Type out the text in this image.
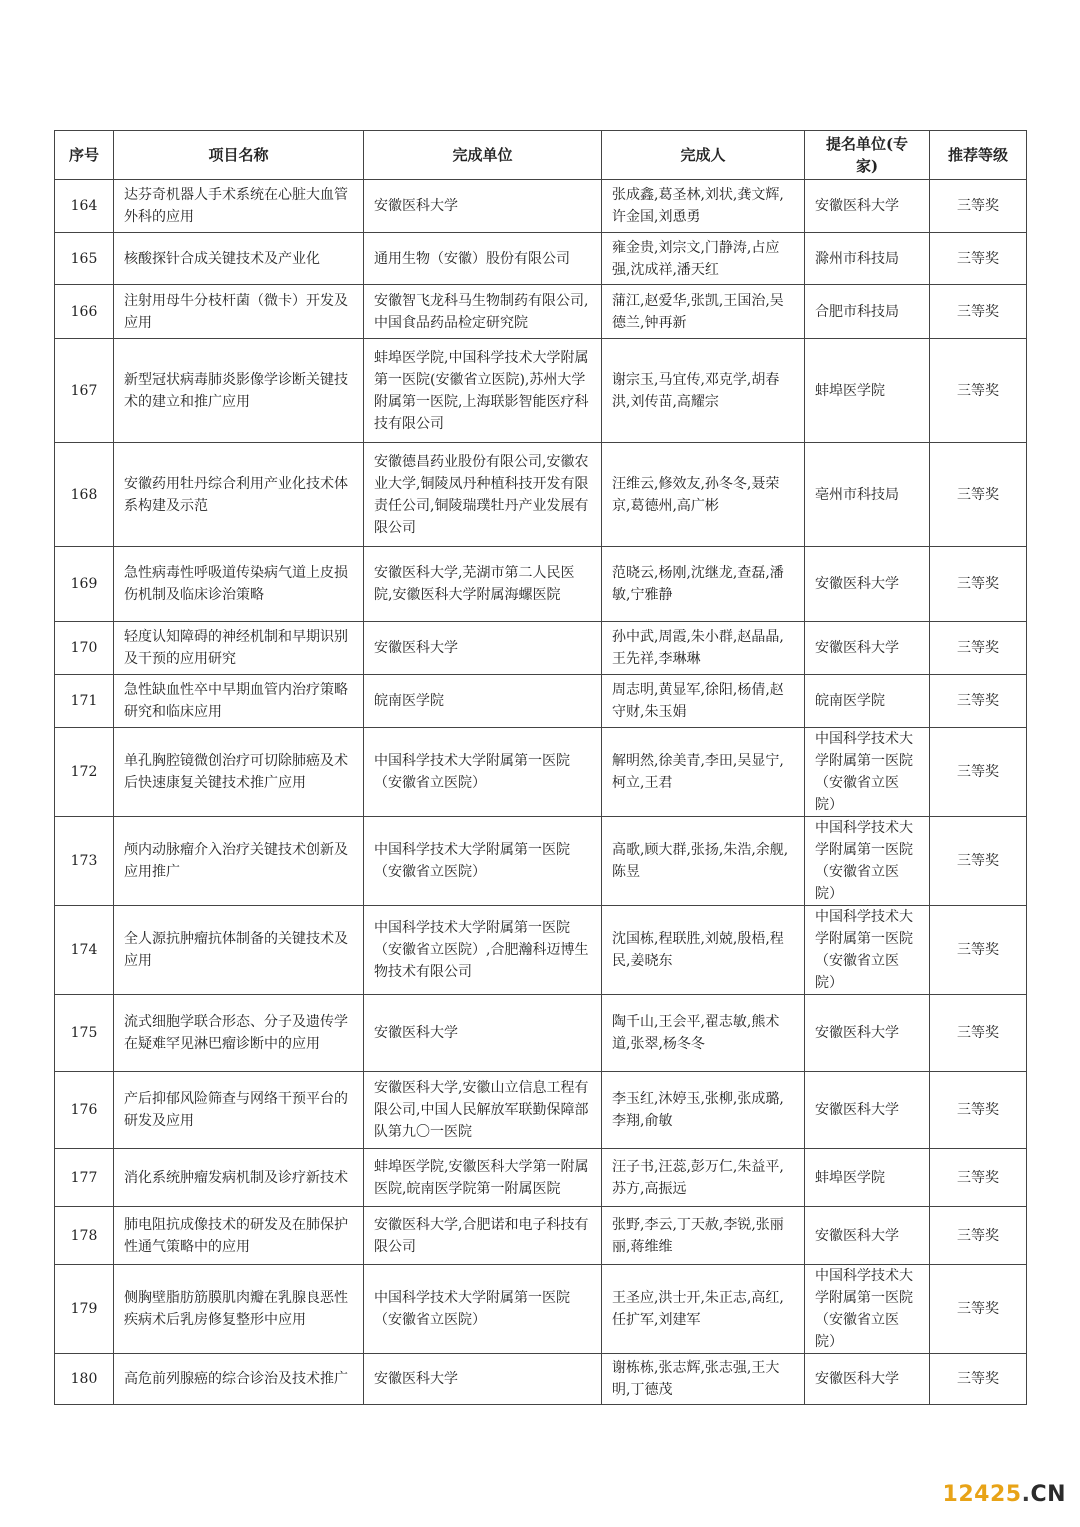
序号	项目名称	完成单位	完成人	提名单位(专家)	推荐等级
164	达芬奇机器人手术系统在心脏大血管外科的应用	安徽医科大学	张成鑫,葛圣林,刘状,龚文辉,许金国,刘恿勇	安徽医科大学	三等奖
165	核酸探针合成关键技术及产业化	通用生物（安徽）股份有限公司	雍金贵,刘宗文,门静涛,占应强,沈成祥,潘天红	滁州市科技局	三等奖
166	注射用母牛分枝杆菌（微卡）开发及应用	安徽智飞龙科马生物制药有限公司,中国食品药品检定研究院	蒲江,赵爱华,张凯,王国治,吴德兰,钟再新	合肥市科技局	三等奖
167	新型冠状病毒肺炎影像学诊断关键技术的建立和推广应用	蚌埠医学院,中国科学技术大学附属第一医院(安徽省立医院),苏州大学附属第一医院,上海联影智能医疗科技有限公司	谢宗玉,马宜传,邓克学,胡春洪,刘传苗,高耀宗	蚌埠医学院	三等奖
168	安徽药用牡丹综合利用产业化技术体系构建及示范	安徽德昌药业股份有限公司,安徽农业大学,铜陵凤丹种植科技开发有限责任公司,铜陵瑞璞牡丹产业发展有限公司	汪维云,修效友,孙冬冬,聂荣京,葛德州,高广彬	亳州市科技局	三等奖
169	急性病毒性呼吸道传染病气道上皮损伤机制及临床诊治策略	安徽医科大学,芜湖市第二人民医院,安徽医科大学附属海螺医院	范晓云,杨刚,沈继龙,查磊,潘敏,宁雅静	安徽医科大学	三等奖
170	轻度认知障碍的神经机制和早期识别及干预的应用研究	安徽医科大学	孙中武,周霞,朱小群,赵晶晶,王先祥,李琳琳	安徽医科大学	三等奖
171	急性缺血性卒中早期血管内治疗策略研究和临床应用	皖南医学院	周志明,黄显军,徐阳,杨倩,赵守财,朱玉娟	皖南医学院	三等奖
172	单孔胸腔镜微创治疗可切除肺癌及术后快速康复关键技术推广应用	中国科学技术大学附属第一医院（安徽省立医院）	解明然,徐美青,李田,吴显宁,柯立,王君	中国科学技术大学附属第一医院（安徽省立医院）	三等奖
173	颅内动脉瘤介入治疗关键技术创新及应用推广	中国科学技术大学附属第一医院（安徽省立医院）	高歌,顾大群,张扬,朱浩,余舰,陈昱	中国科学技术大学附属第一医院（安徽省立医院）	三等奖
174	全人源抗肿瘤抗体制备的关键技术及应用	中国科学技术大学附属第一医院（安徽省立医院）,合肥瀚科迈博生物技术有限公司	沈国栋,程联胜,刘兢,殷梧,程民,姜晓东	中国科学技术大学附属第一医院（安徽省立医院）	三等奖
175	流式细胞学联合形态、分子及遗传学在疑难罕见淋巴瘤诊断中的应用	安徽医科大学	陶千山,王会平,翟志敏,熊术道,张翠,杨冬冬	安徽医科大学	三等奖
176	产后抑郁风险筛查与网络干预平台的研发及应用	安徽医科大学,安徽山立信息工程有限公司,中国人民解放军联勤保障部队第九〇一医院	李玉红,沐婷玉,张柳,张成璐,李翔,俞敏	安徽医科大学	三等奖
177	消化系统肿瘤发病机制及诊疗新技术	蚌埠医学院,安徽医科大学第一附属医院,皖南医学院第一附属医院	汪子书,汪蕊,彭万仁,朱益平,苏方,高振远	蚌埠医学院	三等奖
178	肺电阻抗成像技术的研发及在肺保护性通气策略中的应用	安徽医科大学,合肥诺和电子科技有限公司	张野,李云,丁天赦,李锐,张丽丽,蒋维维	安徽医科大学	三等奖
179	侧胸壁脂肪筋膜肌肉瓣在乳腺良恶性疾病术后乳房修复整形中应用	中国科学技术大学附属第一医院（安徽省立医院）	王圣应,洪士开,朱正志,高红,任扩军,刘建军	中国科学技术大学附属第一医院（安徽省立医院）	三等奖
180	高危前列腺癌的综合诊治及技术推广	安徽医科大学	谢栋栋,张志辉,张志强,王大明,丁德茂	安徽医科大学	三等奖
12425.CN
